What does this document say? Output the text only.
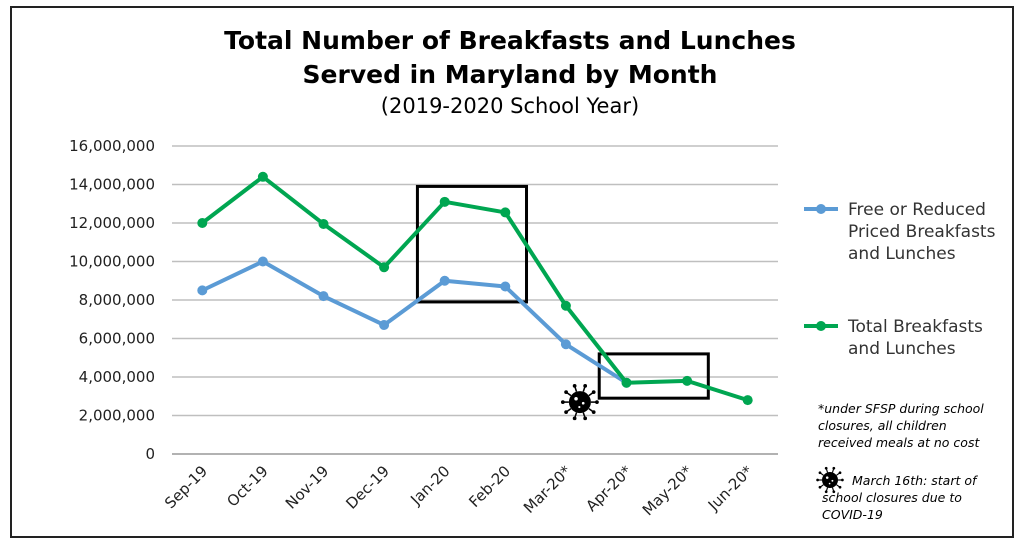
Total Number of Breakfasts and Lunches
Served in Maryland by Month
(2019-2020 School Year)
0
2,000,000
4,000,000
6,000,000
8,000,000
10,000,000
12,000,000
14,000,000
16,000,000
Sep-19 Oct-19 Nov-19 Dec-19 Jan-20 Feb-20 Mar-20* Apr-20* May-20* Jun-20*
Free or Reduced
Priced Breakfasts
and Lunches
Total Breakfasts
and Lunches
*under SFSP during school closures, all children received meals at no cost
March 16th: start of school closures due to COVID-19
